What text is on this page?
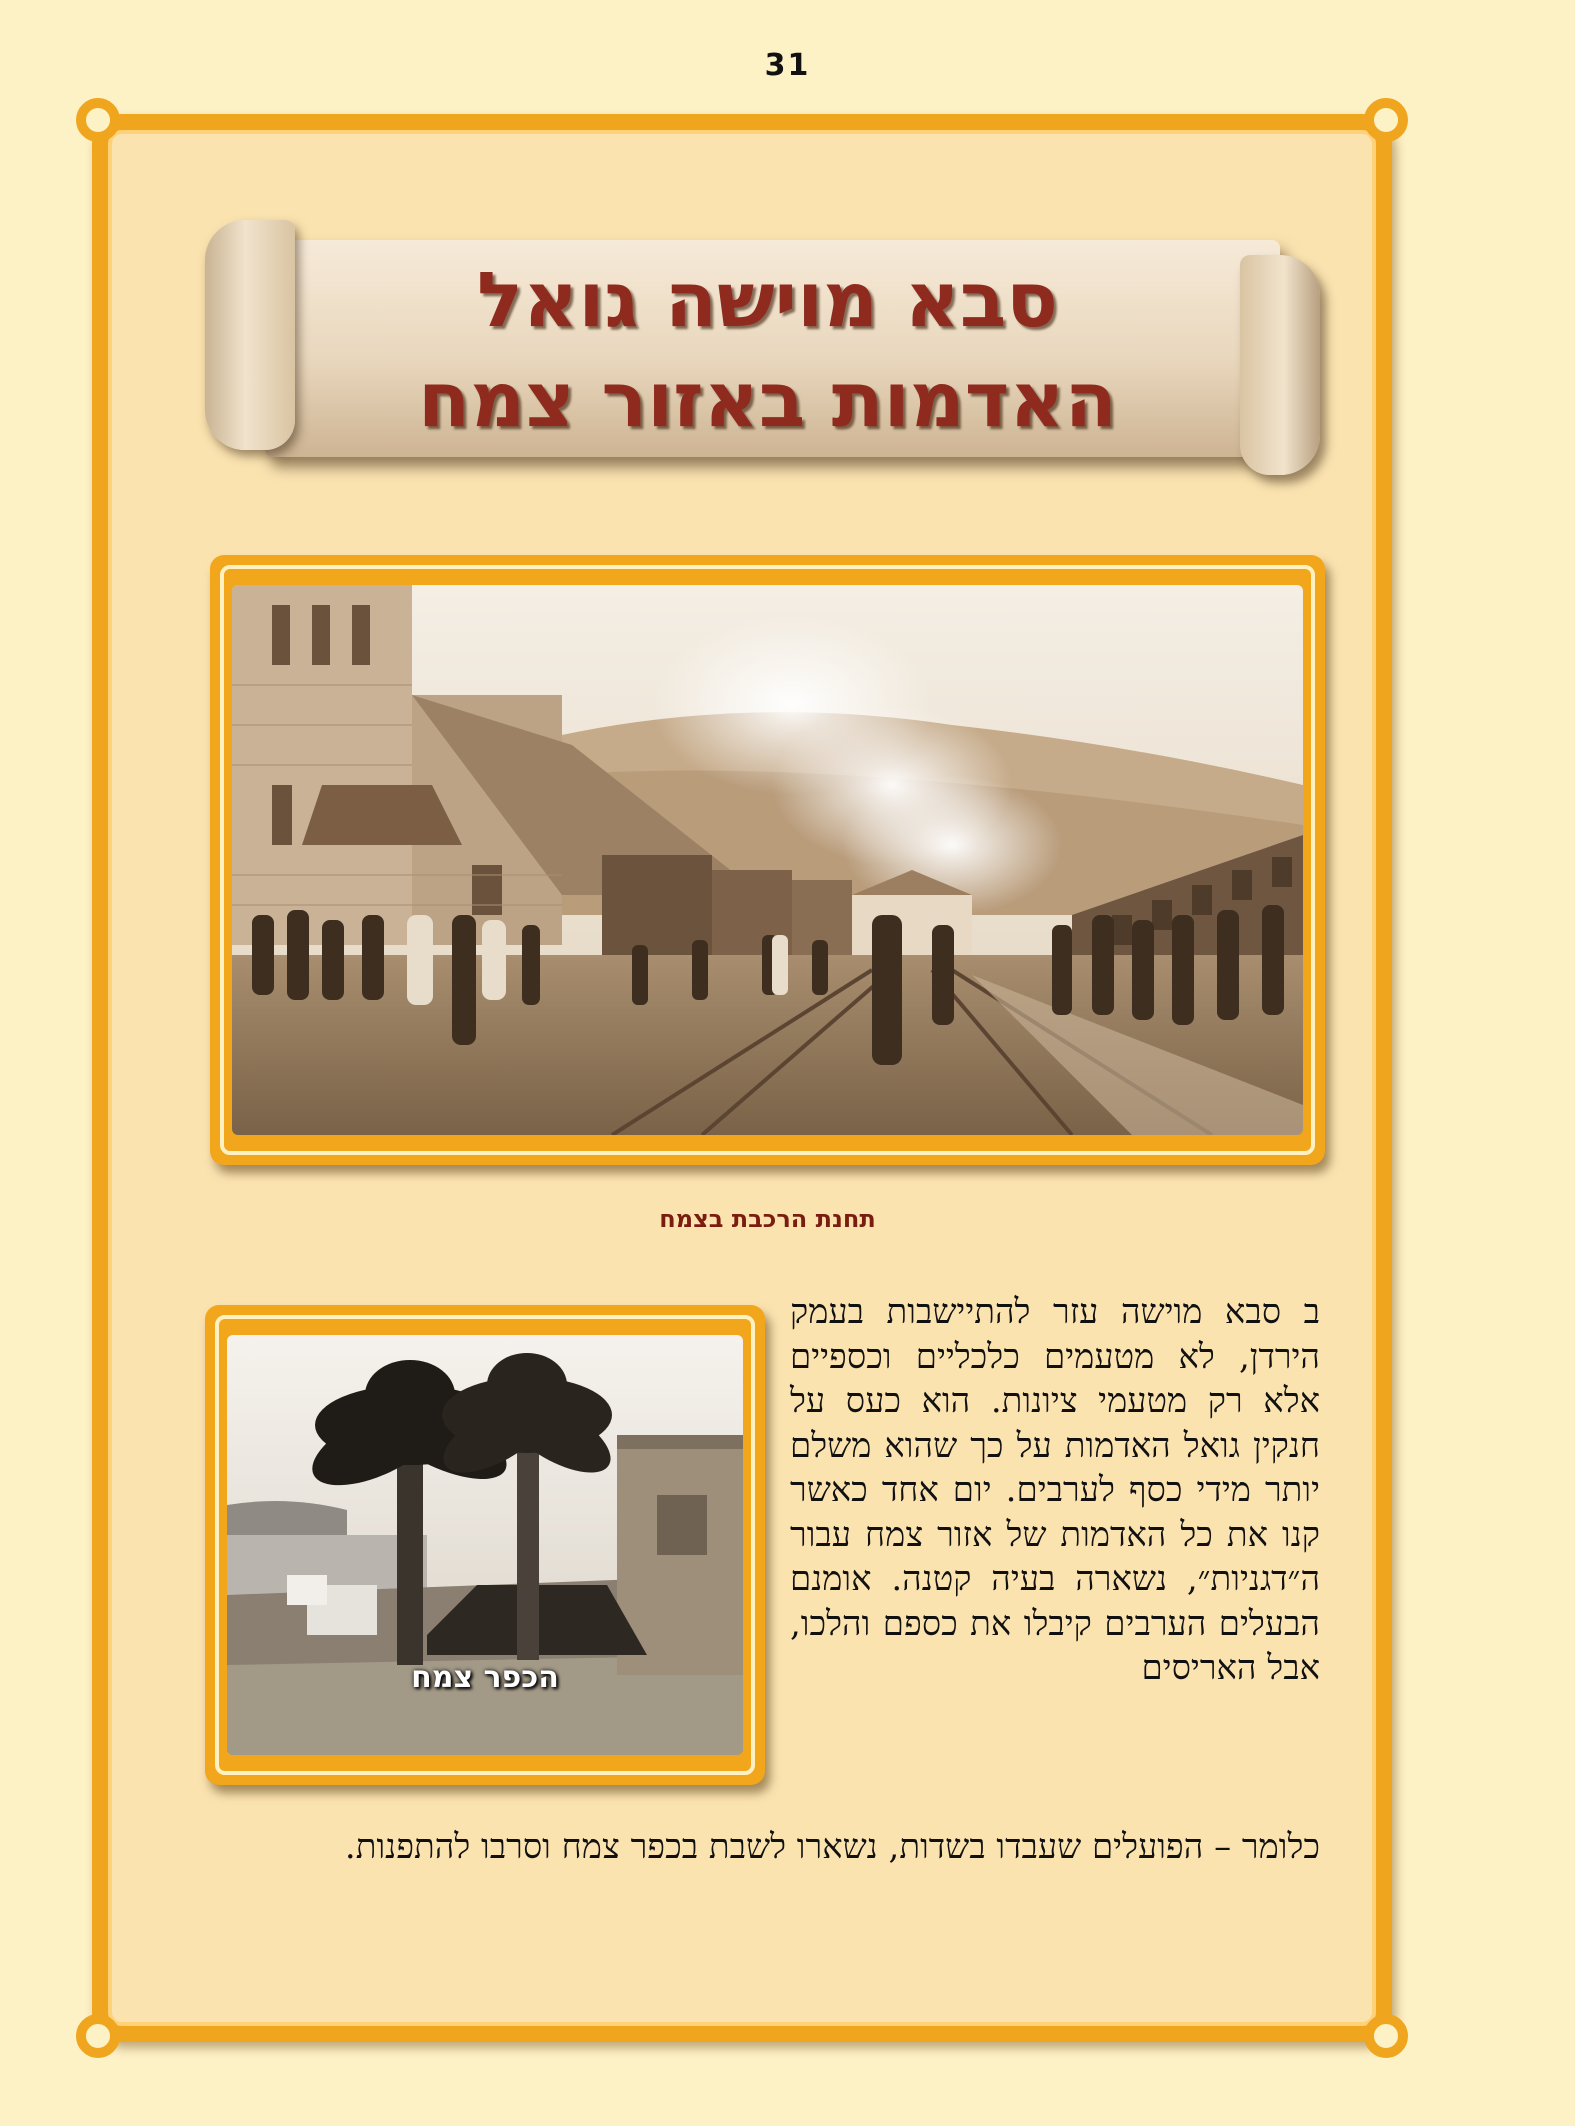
31
סבא מוישה גואל
האדמות באזור צמח
תחנת הרכבת בצמח
הכפר צמח
ב סבא מוישה עזר להתיישבות בעמק הירדן, לא מטעמים כלכליים וכספיים אלא רק מטעמי ציונות. הוא כעס על חנקין גואל האדמות על כך שהוא משלם יותר מידי כסף לערבים. יום אחד כאשר קנו את כל האדמות של אזור צמח עבור ה״דגניות״, נשארה בעיה קטנה. אומנם הבעלים הערבים קיבלו את כספם והלכו, אבל האריסים
כלומר – הפועלים שעבדו בשדות, נשארו לשבת בכפר צמח וסרבו להתפנות.
